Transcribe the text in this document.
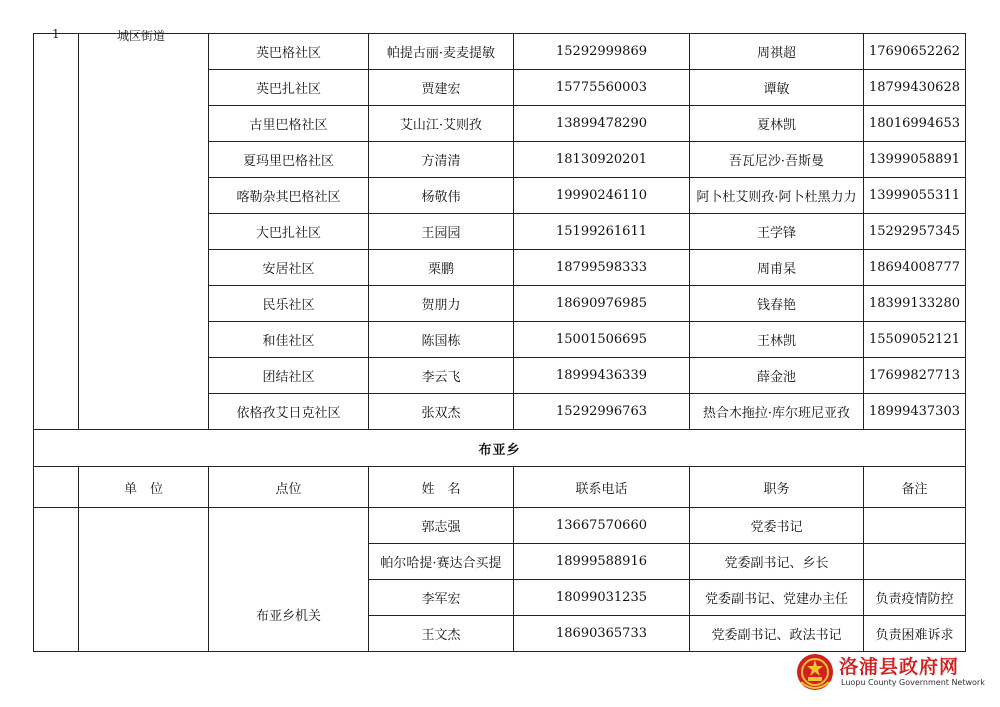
1	城区街道
		英巴格社区	帕提古丽·麦麦提敏	15292999869	周祺超	17690652262
		英巴扎社区	贾建宏	15775560003	谭敏	18799430628
		古里巴格社区	艾山江·艾则孜	13899478290	夏林凯	18016994653
		夏玛里巴格社区	方清清	18130920201	吾瓦尼沙·吾斯曼	13999058891
		喀勒杂其巴格社区	杨敬伟	19990246110	阿卜杜艾则孜·阿卜杜黑力力	13999055311
		大巴扎社区	王园园	15199261611	王学锋	15292957345
		安居社区	栗鹏	18799598333	周甫杲	18694008777
		民乐社区	贺朋力	18690976985	钱春艳	18399133280
		和佳社区	陈国栋	15001506695	王林凯	15509052121
		团结社区	李云飞	18999436339	薛金池	17699827713
		依格孜艾日克社区	张双杰	15292996763	热合木拖拉·库尔班尼亚孜	18999437303
布亚乡						
	单　位	点位	姓　名	联系电话	职务	备注
		布亚乡机关	郭志强	13667570660	党委书记	
			帕尔哈提·赛达合买提	18999588916	党委副书记、乡长	
			李军宏	18099031235	党委副书记、党建办主任	负责疫情防控
			王文杰	18690365733	党委副书记、政法书记	负责困难诉求
洛浦县政府网
Luopu County Government Network
